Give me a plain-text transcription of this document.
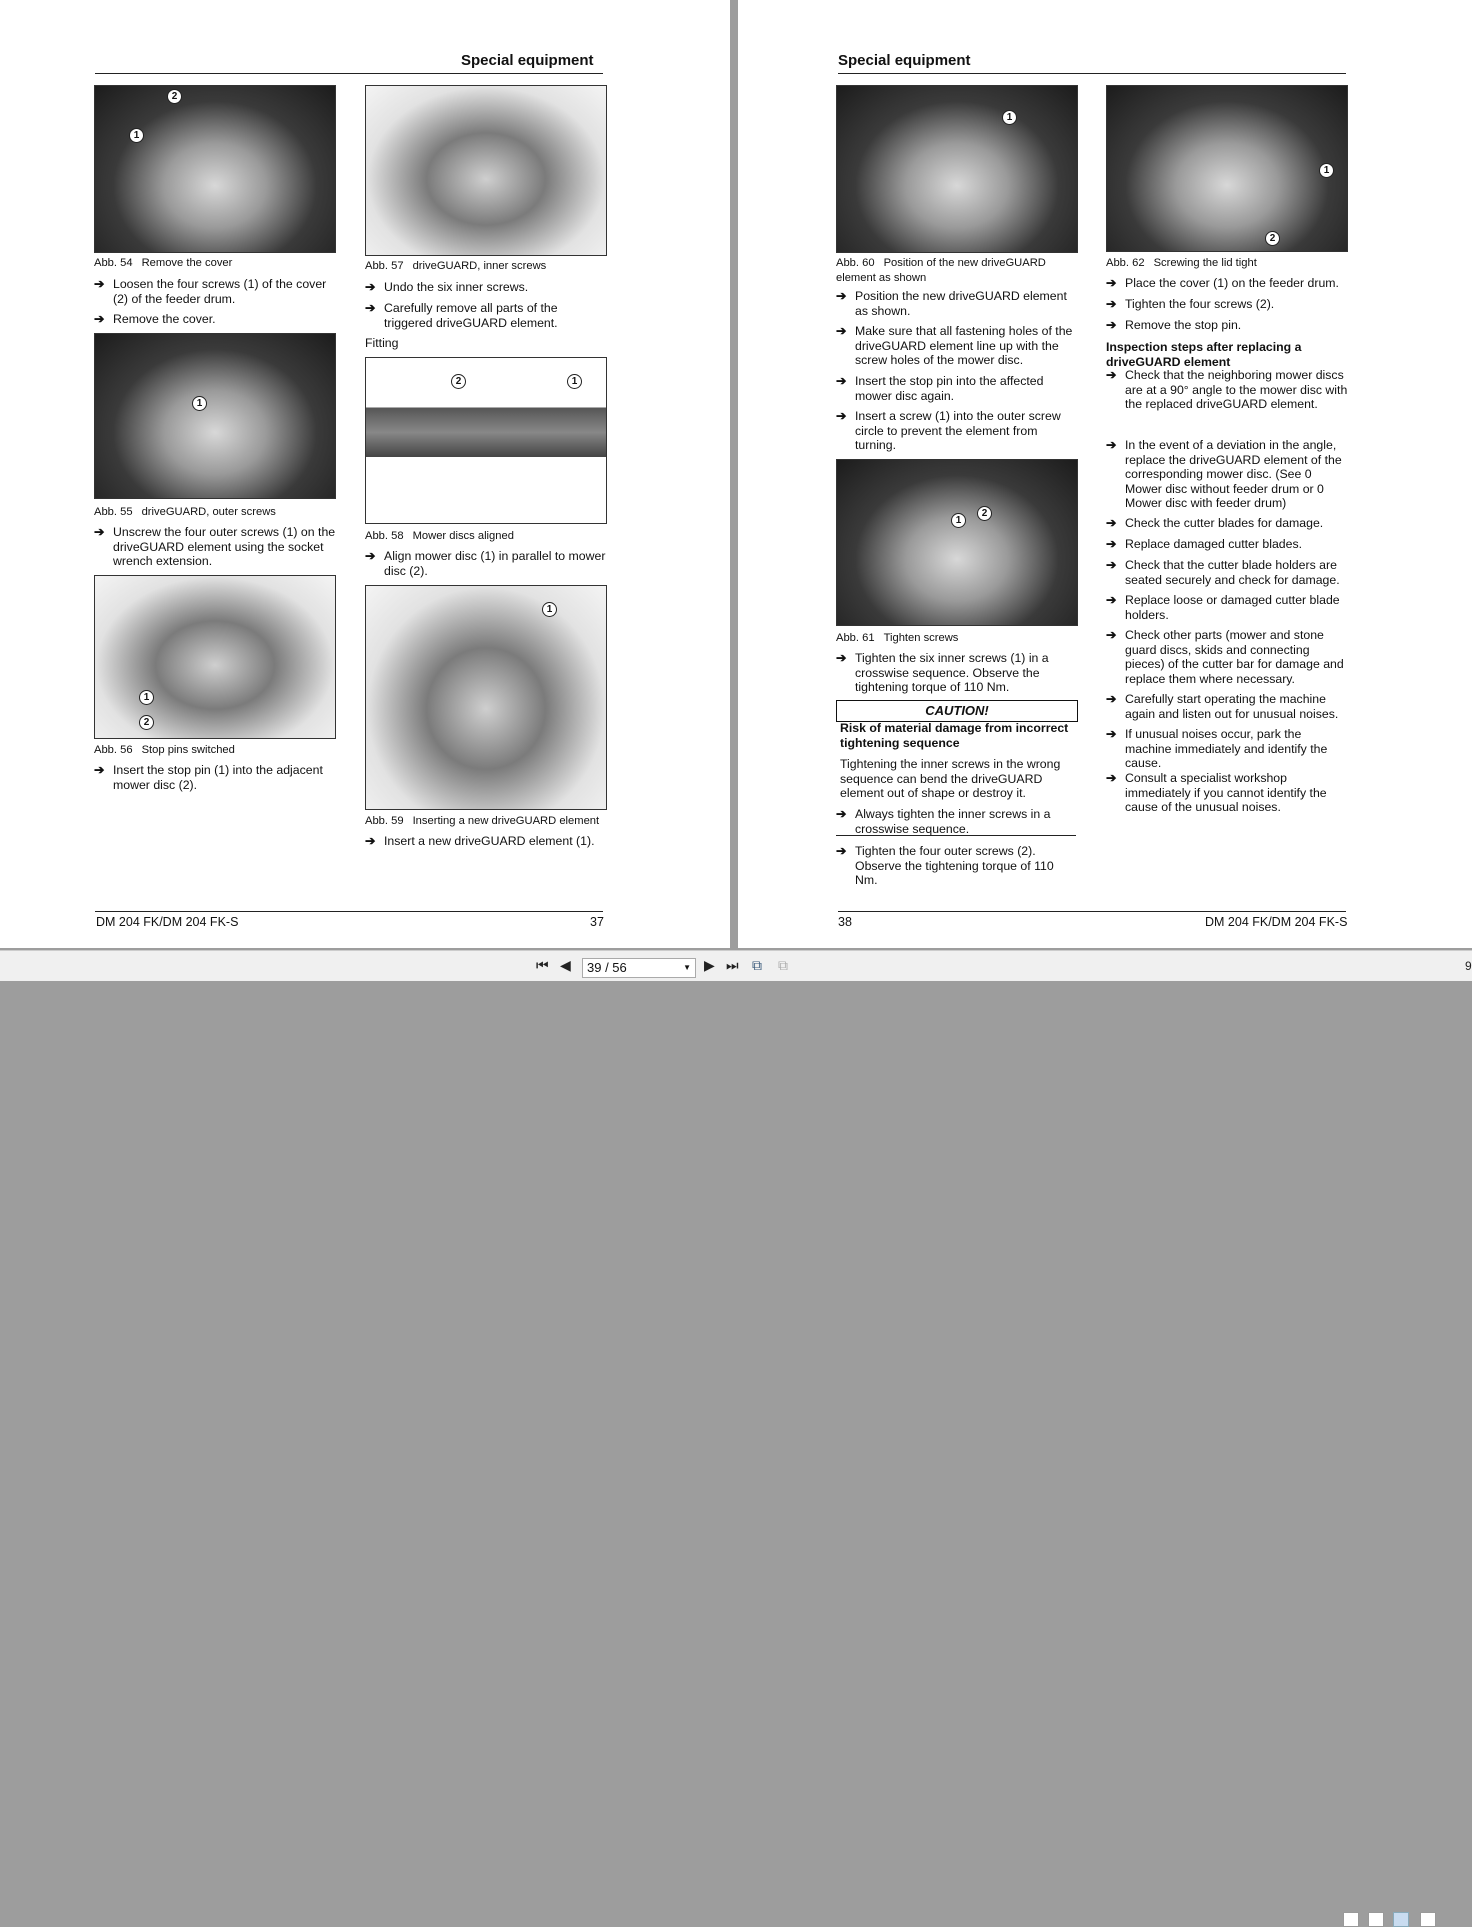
Special equipment
DM 204 FK/DM 204 FK-S	37
2
1
Abb. 54 Remove the cover
➔ Loosen the four screws (1) of the cover (2) of the feeder drum.
➔ Remove the cover.
1
Abb. 55 driveGUARD, outer screws
➔ Unscrew the four outer screws (1) on the driveGUARD element using the socket wrench extension.
1
2
Abb. 56 Stop pins switched
➔ Insert the stop pin (1) into the adjacent mower disc (2).
Abb. 57 driveGUARD, inner screws
➔ Undo the six inner screws.
➔ Carefully remove all parts of the triggered driveGUARD element.
Fitting
2	1
Abb. 58 Mower discs aligned
➔ Align mower disc (1) in parallel to mower disc (2).
1
Abb. 59 Inserting a new driveGUARD element
➔ Insert a new driveGUARD element (1).
Special equipment
38	DM 204 FK/DM 204 FK-S
1
Abb. 60 Position of the new driveGUARD element as shown
➔ Position the new driveGUARD element as shown.
➔ Make sure that all fastening holes of the driveGUARD element line up with the screw holes of the mower disc.
➔ Insert the stop pin into the affected mower disc again.
➔ Insert a screw (1) into the outer screw circle to prevent the element from turning.
1
2
Abb. 61 Tighten screws
➔ Tighten the six inner screws (1) in a crosswise sequence. Observe the tightening torque of 110 Nm.
CAUTION!
Risk of material damage from incorrect tightening sequence
Tightening the inner screws in the wrong sequence can bend the driveGUARD element out of shape or destroy it.
➔ Always tighten the inner screws in a crosswise sequence.
➔ Tighten the four outer screws (2). Observe the tightening torque of 110 Nm.
1
2
Abb. 62 Screwing the lid tight
➔ Place the cover (1) on the feeder drum.
➔ Tighten the four screws (2).
➔ Remove the stop pin.
Inspection steps after replacing a driveGUARD element
➔ Check that the neighboring mower discs are at a 90° angle to the mower disc with the replaced driveGUARD element.
➔ In the event of a deviation in the angle, replace the driveGUARD element of the corresponding mower disc. (See 0 Mower disc without feeder drum or 0 Mower disc with feeder drum)
➔ Check the cutter blades for damage.
➔ Replace damaged cutter blades.
➔ Check that the cutter blade holders are seated securely and check for damage.
➔ Replace loose or damaged cutter blade holders.
➔ Check other parts (mower and stone guard discs, skids and connecting pieces) of the cutter bar for damage and replace them where necessary.
➔ Carefully start operating the machine again and listen out for unusual noises.
➔ If unusual noises occur, park the machine immediately and identify the cause.
➔ Consult a specialist workshop immediately if you cannot identify the cause of the unusual noises.
⏮ ◀	▶ ⏭ ⧉ ⧉	9
39 / 56	▼
